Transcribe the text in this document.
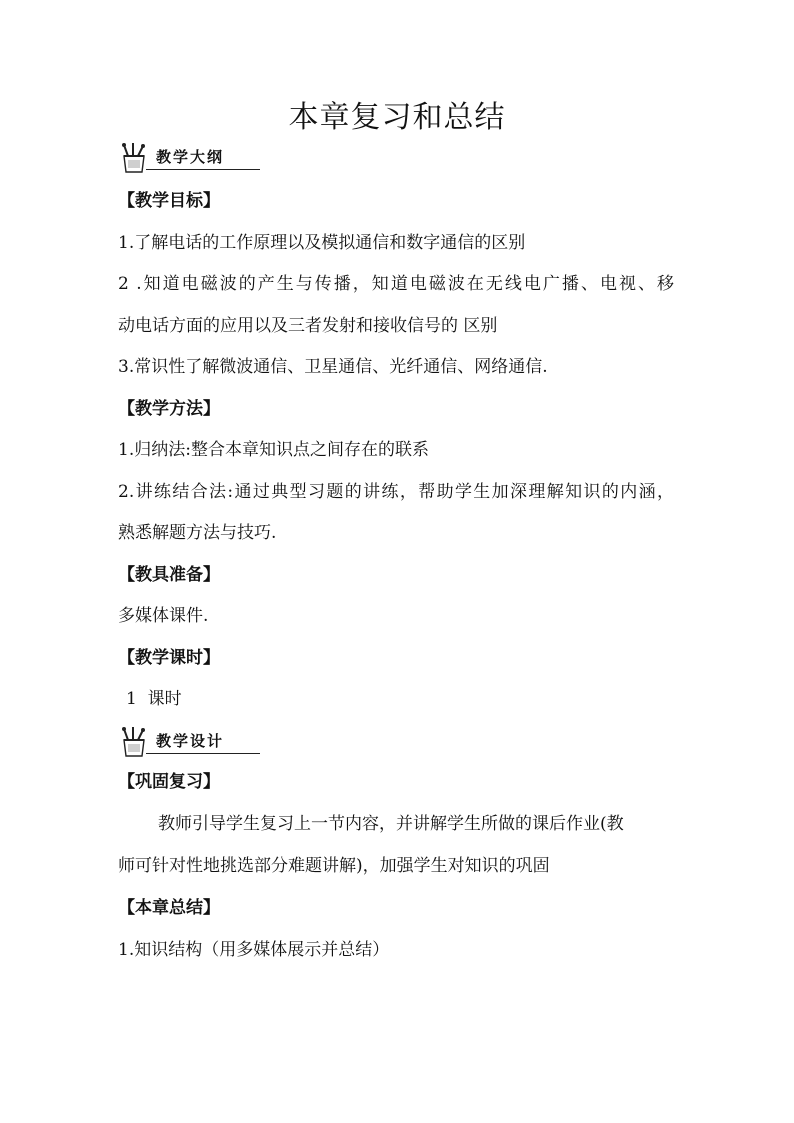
本章复习和总结
教学大纲
【教学目标】
1.了解电话的工作原理以及模拟通信和数字通信的区别
2 .知道电磁波的产生与传播，知道电磁波在无线电广播、电视、移
动电话方面的应用以及三者发射和接收信号的 区别
3.常识性了解微波通信、卫星通信、光纤通信、网络通信.
【教学方法】
1.归纳法:整合本章知识点之间存在的联系
2.讲练结合法:通过典型习题的讲练，帮助学生加深理解知识的内涵，
熟悉解题方法与技巧.
【教具准备】
多媒体课件.
【教学课时】
1  课时
教学设计
【巩固复习】
教师引导学生复习上一节内容，并讲解学生所做的课后作业(教
师可针对性地挑选部分难题讲解)，加强学生对知识的巩固
【本章总结】
1.知识结构（用多媒体展示并总结）
